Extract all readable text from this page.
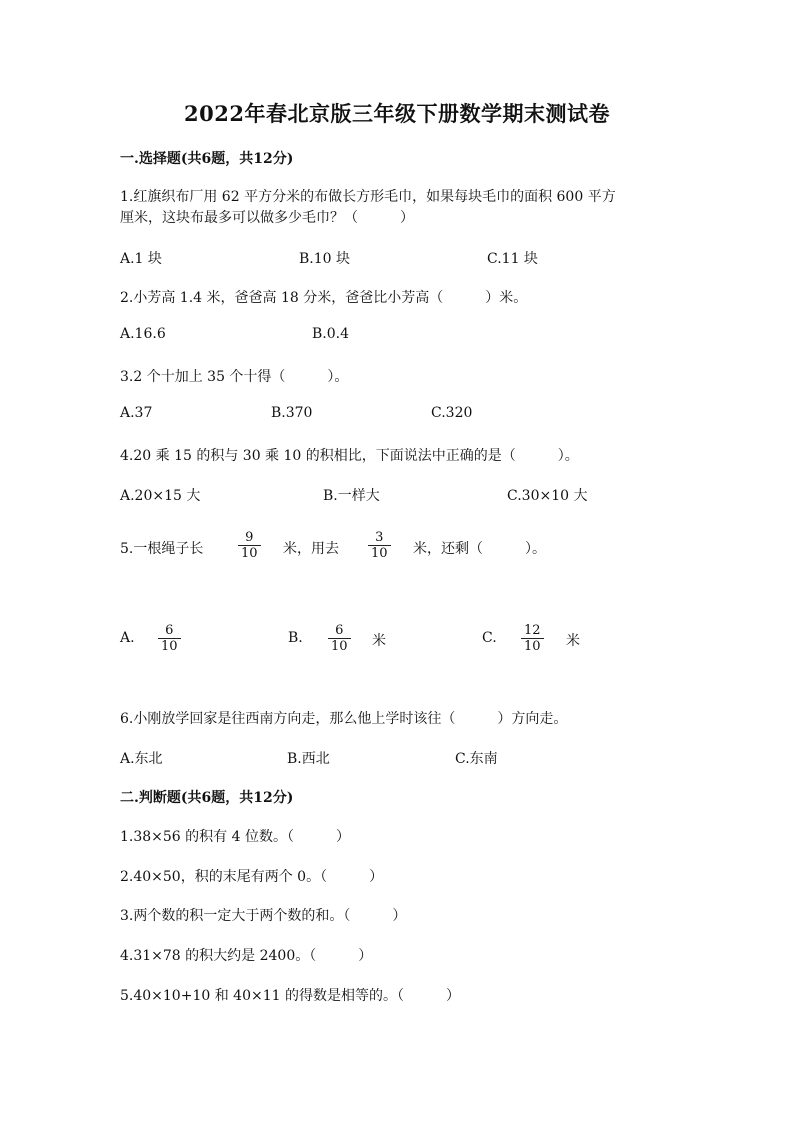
2022年春北京版三年级下册数学期末测试卷
一.选择题(共6题，共12分)
1.红旗织布厂用 62 平方分米的布做长方形毛巾，如果每块毛巾的面积 600 平方
厘米，这块布最多可以做多少毛巾？（　　　）
A.1 块	B.10 块	C.11 块
2.小芳高 1.4 米，爸爸高 18 分米，爸爸比小芳高（　　　）米。
A.16.6	B.0.4
3.2 个十加上 35 个十得（　　　）。
A.37	B.370	C.320
4.20 乘 15 的积与 30 乘 10 的积相比，下面说法中正确的是（　　　）。
A.20×15 大	B.一样大	C.30×10 大
5.一根绳子长
9
10 米，用去
3
10 米，还剩（　　　）。
A. 6
10
B. 6
10 米	C. 12
10 米
6.小刚放学回家是往西南方向走，那么他上学时该往（　　　）方向走。
A.东北	B.西北	C.东南
二.判断题(共6题，共12分)
1.38×56 的积有 4 位数。（　　　）
2.40×50，积的末尾有两个 0。（　　　）
3.两个数的积一定大于两个数的和。（　　　）
4.31×78 的积大约是 2400。（　　　）
5.40×10+10 和 40×11 的得数是相等的。（　　　）
